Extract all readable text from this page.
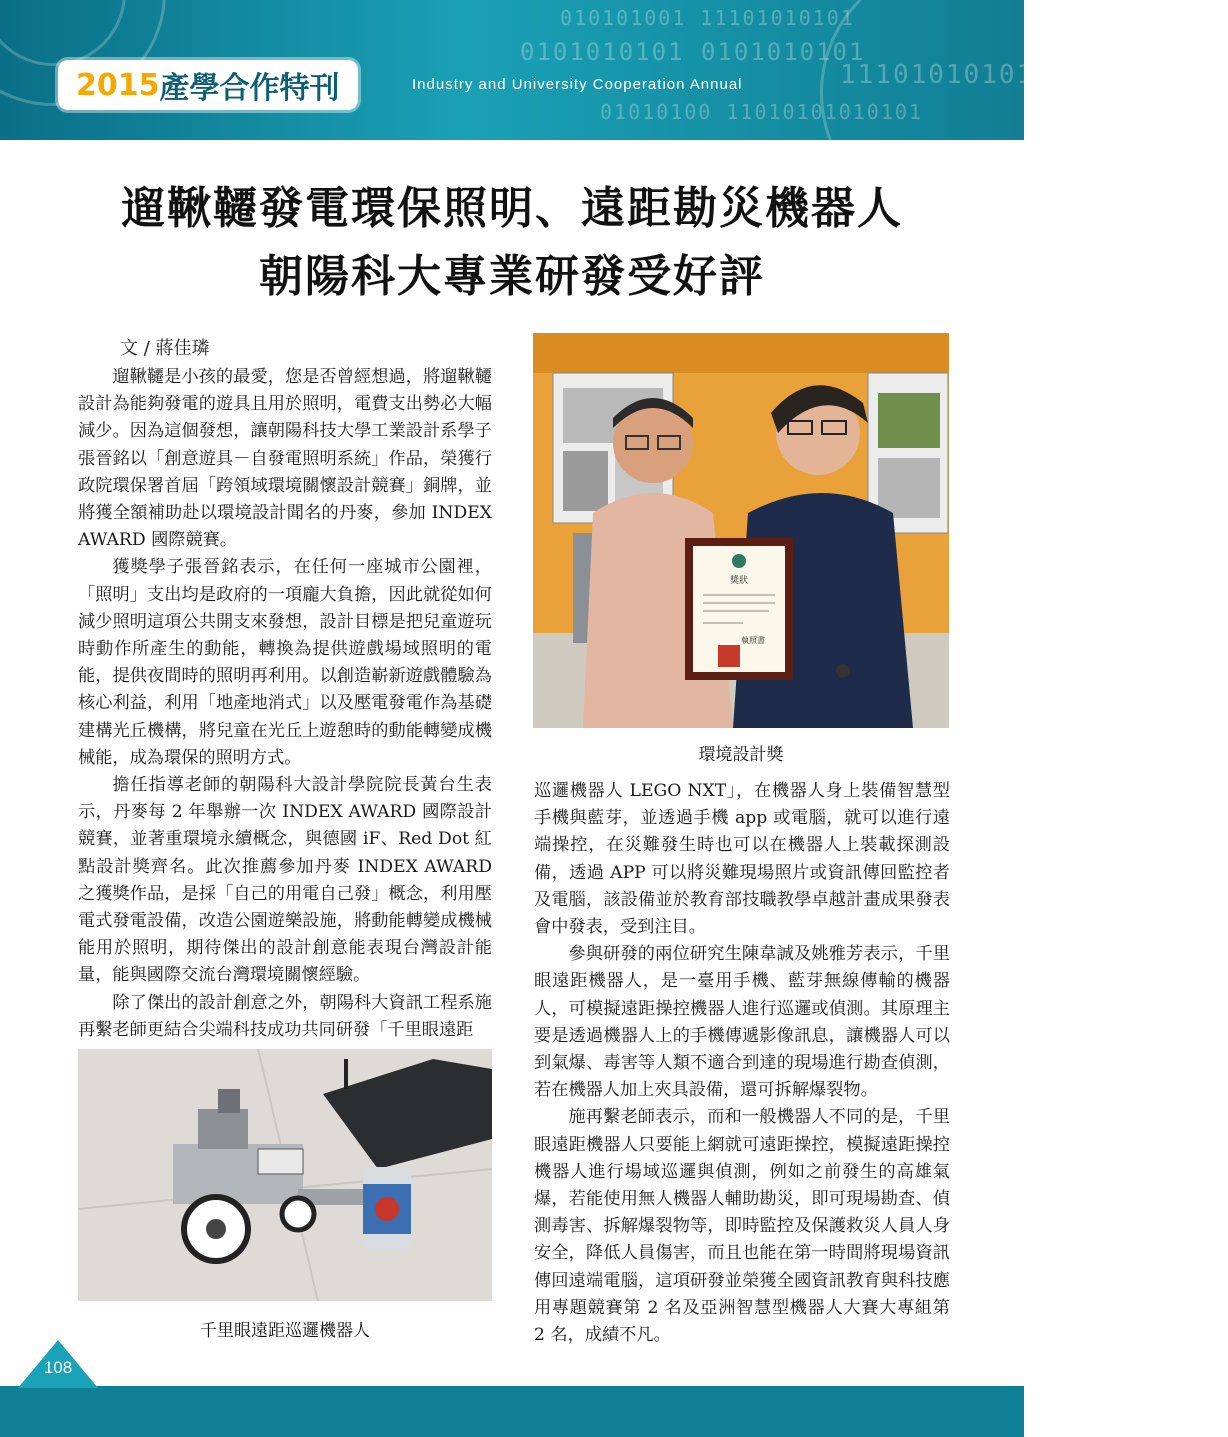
010101001 11101010101
0101010101 0101010101
1110101010101010101010
01010100 11010101010101
2015 產學合作特刊	Industry and University Cooperation Annual
遛鞦韆發電環保照明、遠距勘災機器人
朝陽科大專業研發受好評
文 / 蔣佳璘

遛鞦韆是小孩的最愛，您是否曾經想過，將遛鞦韆設計為能夠發電的遊具且用於照明，電費支出勢必大幅減少。因為這個發想，讓朝陽科技大學工業設計系學子張晉銘以「創意遊具－自發電照明系統」作品，榮獲行政院環保署首屆「跨領域環境關懷設計競賽」銅牌，並將獲全額補助赴以環境設計聞名的丹麥，參加 INDEX AWARD 國際競賽。

獲獎學子張晉銘表示，在任何一座城市公園裡，「照明」支出均是政府的一項龐大負擔，因此就從如何減少照明這項公共開支來發想，設計目標是把兒童遊玩時動作所產生的動能，轉換為提供遊戲場域照明的電能，提供夜間時的照明再利用。以創造嶄新遊戲體驗為核心利益，利用「地產地消式」以及壓電發電作為基礎建構光丘機構，將兒童在光丘上遊憩時的動能轉變成機械能，成為環保的照明方式。

擔任指導老師的朝陽科大設計學院院長黃台生表示，丹麥每 2 年舉辦一次 INDEX AWARD 國際設計競賽，並著重環境永續概念，與德國 iF、Red Dot 紅點設計獎齊名。此次推薦參加丹麥 INDEX AWARD 之獲獎作品，是採「自己的用電自己發」概念，利用壓電式發電設備，改造公園遊樂設施，將動能轉變成機械能用於照明，期待傑出的設計創意能表現台灣設計能量，能與國際交流台灣環境關懷經驗。

除了傑出的設計創意之外，朝陽科大資訊工程系施再繫老師更結合尖端科技成功共同研發「千里眼遠距

獎狀
執照書
環境設計獎

巡邏機器人 LEGO NXT」，在機器人身上裝備智慧型手機與藍芽，並透過手機 app 或電腦，就可以進行遠端操控，在災難發生時也可以在機器人上裝載探測設備，透過 APP 可以將災難現場照片或資訊傳回監控者及電腦，該設備並於教育部技職教學卓越計畫成果發表會中發表，受到注目。

參與研發的兩位研究生陳韋誠及姚雅芳表示，千里眼遠距機器人，是一臺用手機、藍芽無線傳輸的機器人，可模擬遠距操控機器人進行巡邏或偵測。其原理主要是透過機器人上的手機傳遞影像訊息，讓機器人可以到氣爆、毒害等人類不適合到達的現場進行勘查偵測，若在機器人加上夾具設備，還可拆解爆裂物。

施再繫老師表示，而和一般機器人不同的是，千里眼遠距機器人只要能上網就可遠距操控，模擬遠距操控機器人進行場域巡邏與偵測，例如之前發生的高雄氣爆，若能使用無人機器人輔助勘災，即可現場勘查、偵測毒害、拆解爆裂物等，即時監控及保護救災人員人身安全，降低人員傷害，而且也能在第一時間將現場資訊傳回遠端電腦，這項研發並榮獲全國資訊教育與科技應用專題競賽第 2 名及亞洲智慧型機器人大賽大專組第 2 名，成績不凡。

千里眼遠距巡邏機器人
108
